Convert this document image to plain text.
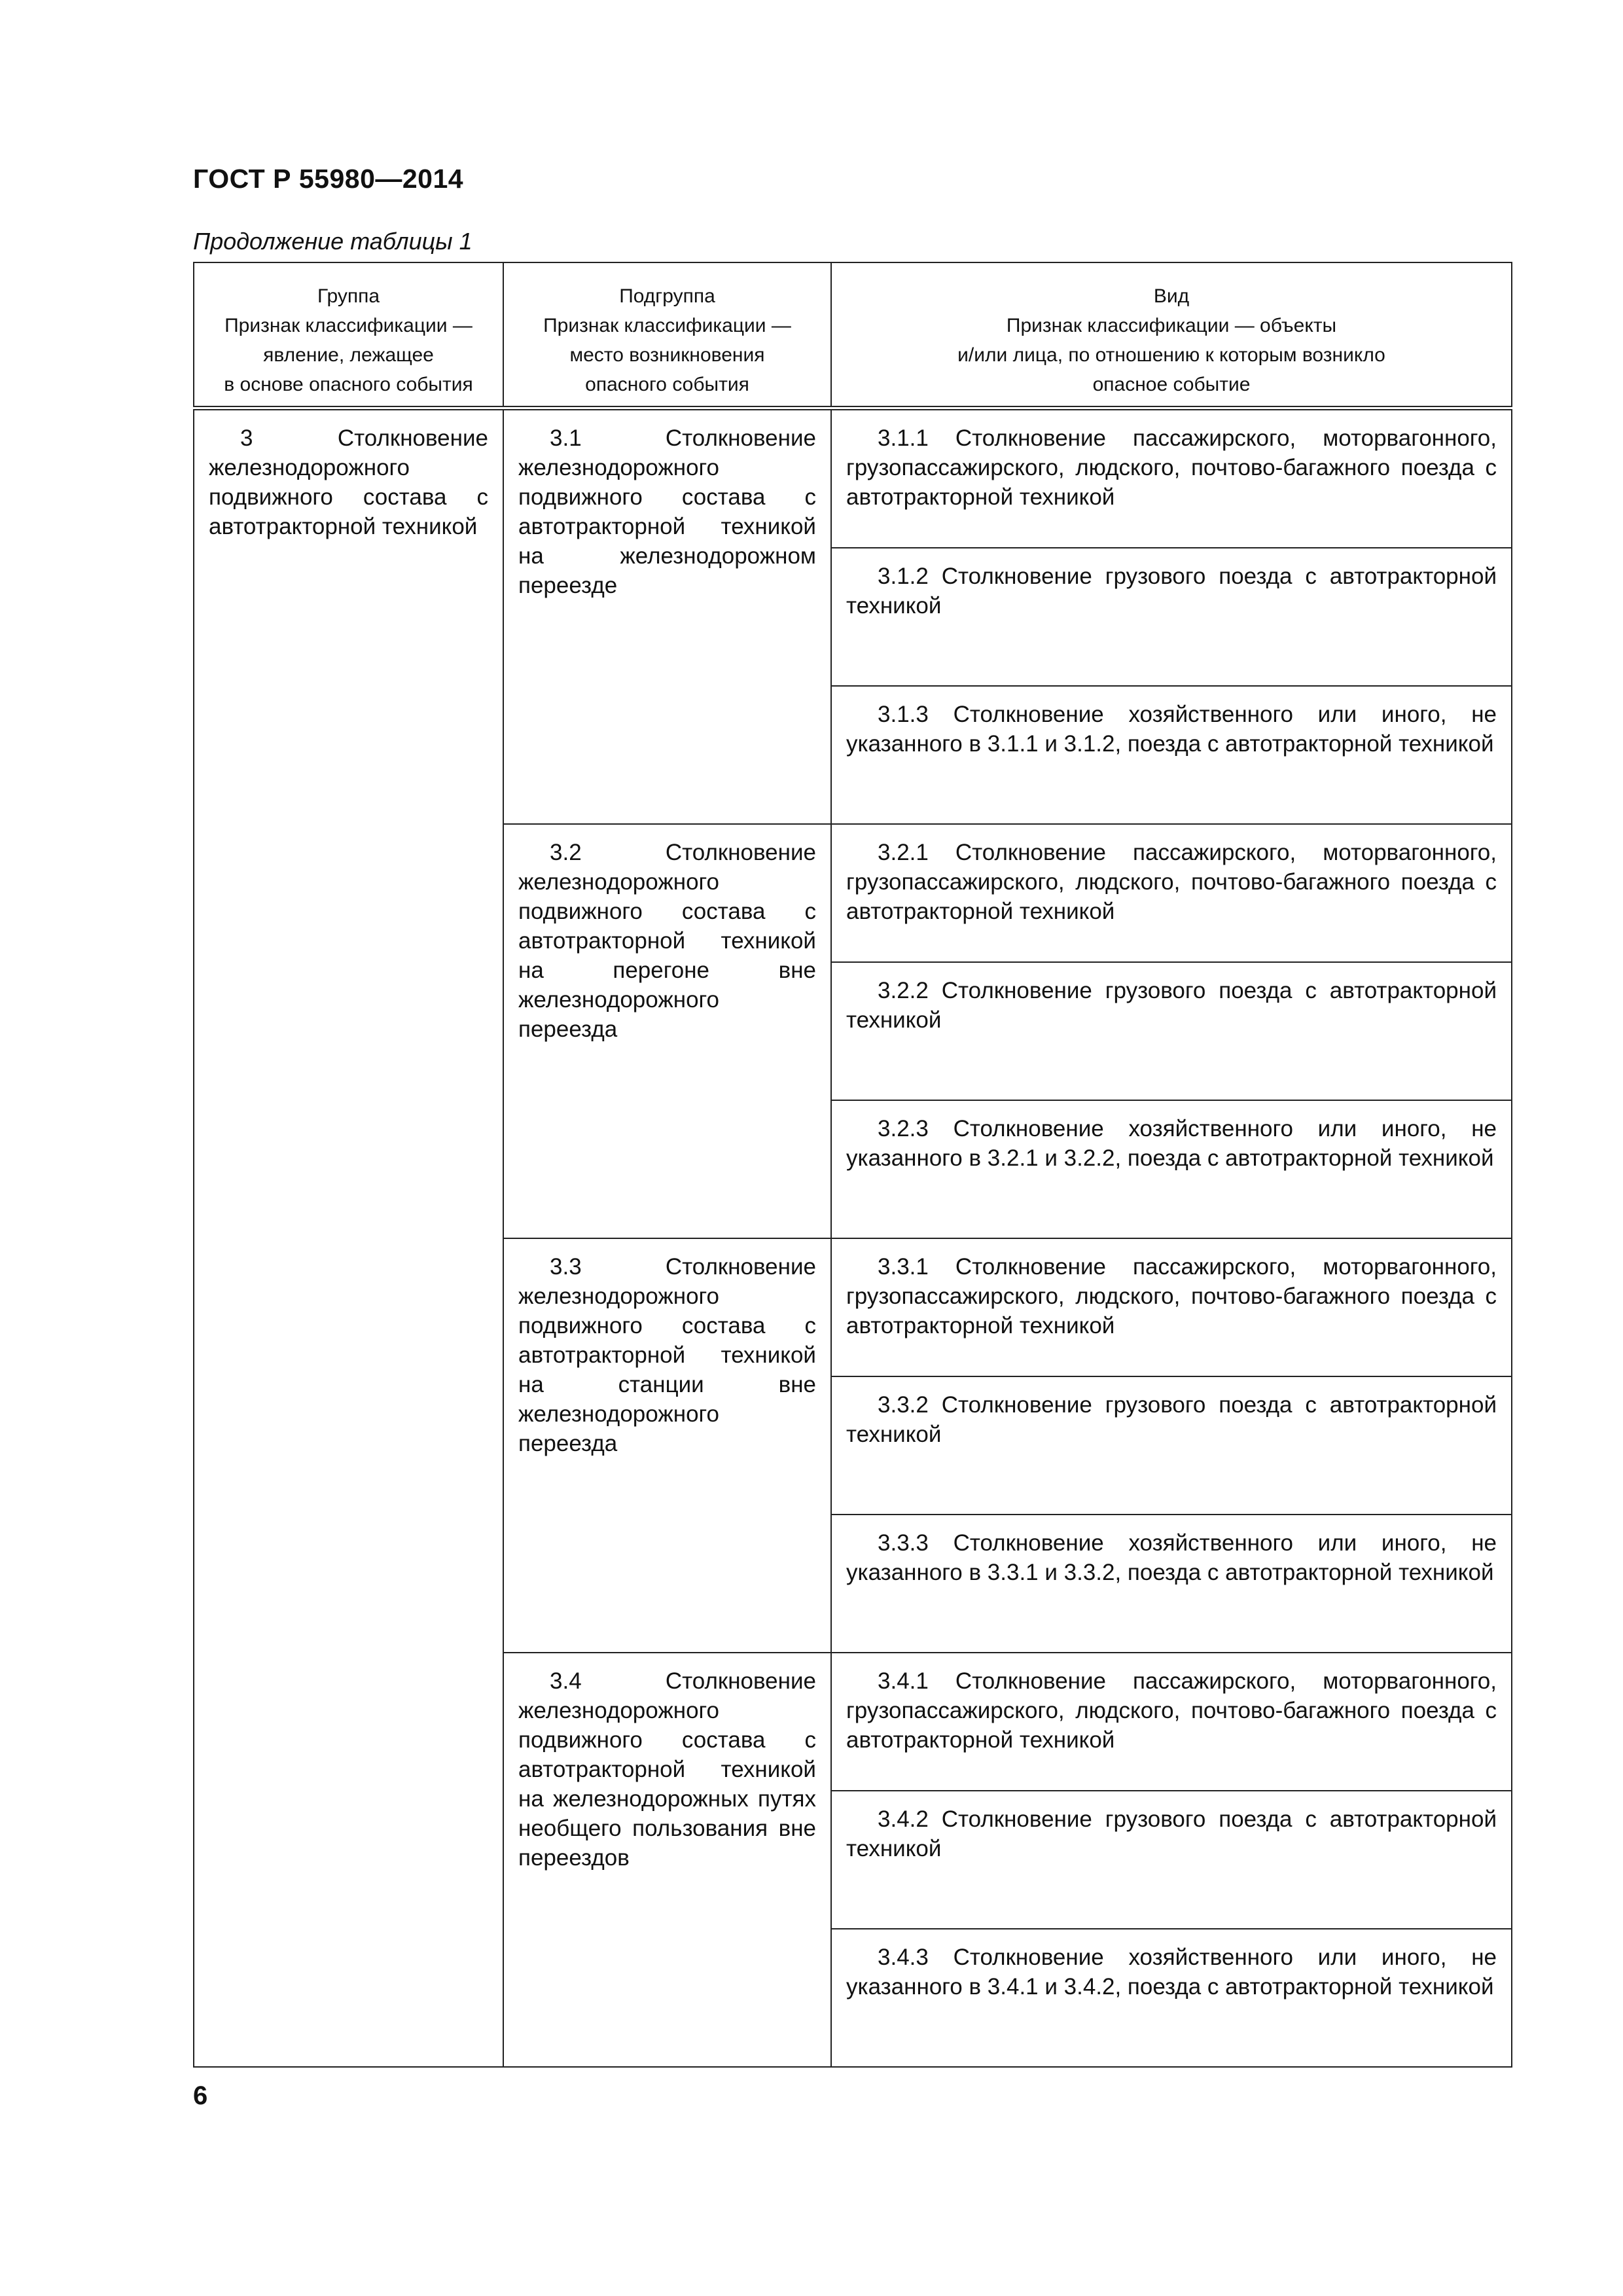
ГОСТ Р 55980—2014
Продолжение таблицы 1
Группа
Признак классификации —
явление, лежащее
в основе опасного события	Подгруппа
Признак классификации —
место возникновения
опасного события	Вид
Признак классификации — объекты
и/или лица, по отношению к которым возникло
опасное событие

3 Столкновение железнодорожного подвижного состава с автотракторной техникой	3.1 Столкновение железнодорожного подвижного состава с автотракторной техникой на железнодорожном переезде	3.1.1 Столкновение пассажирского, моторвагонного, грузопассажирского, людского, почтово-багажного поезда с автотракторной техникой

		3.1.2 Столкновение грузового поезда с автотракторной техникой

		3.1.3 Столкновение хозяйственного или иного, не указанного в 3.1.1 и 3.1.2, поезда с автотракторной техникой

	3.2 Столкновение железнодорожного подвижного состава с автотракторной техникой на перегоне вне железнодорожного переезда	3.2.1 Столкновение пассажирского, моторвагонного, грузопассажирского, людского, почтово-багажного поезда с автотракторной техникой

		3.2.2 Столкновение грузового поезда с автотракторной техникой

		3.2.3 Столкновение хозяйственного или иного, не указанного в 3.2.1 и 3.2.2, поезда с автотракторной техникой

	3.3 Столкновение железнодорожного подвижного состава с автотракторной техникой на станции вне железнодорожного переезда	3.3.1 Столкновение пассажирского, моторвагонного, грузопассажирского, людского, почтово-багажного поезда с автотракторной техникой

		3.3.2 Столкновение грузового поезда с автотракторной техникой

		3.3.3 Столкновение хозяйственного или иного, не указанного в 3.3.1 и 3.3.2, поезда с автотракторной техникой

	3.4 Столкновение железнодорожного подвижного состава с автотракторной техникой на железнодорожных путях необщего пользования вне переездов	3.4.1 Столкновение пассажирского, моторвагонного, грузопассажирского, людского, почтово-багажного поезда с автотракторной техникой

		3.4.2 Столкновение грузового поезда с автотракторной техникой

		3.4.3 Столкновение хозяйственного или иного, не указанного в 3.4.1 и 3.4.2, поезда с автотракторной техникой
6
